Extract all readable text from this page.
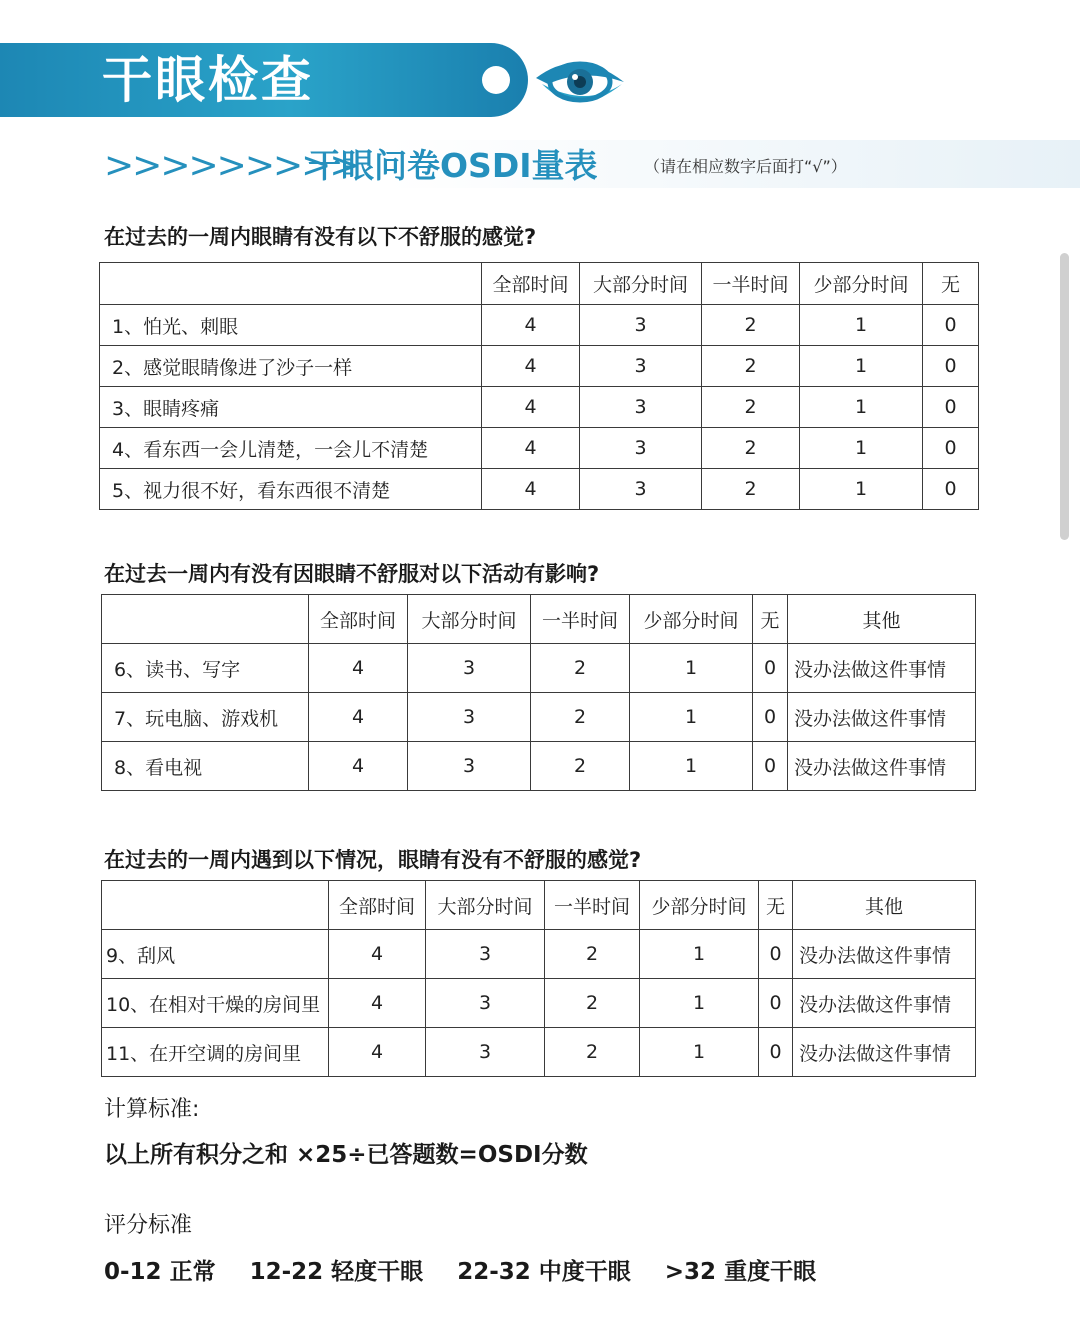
干眼检查
>>>>>>>>>
干眼问卷OSDI量表	（请在相应数字后面打“√”）
在过去的一周内眼睛有没有以下不舒服的感觉?
	全部时间	大部分时间	一半时间	少部分时间	无
1、怕光、刺眼	4	3	2	1	0
2、感觉眼睛像进了沙子一样	4	3	2	1	0
3、眼睛疼痛	4	3	2	1	0
4、看东西一会儿清楚，一会儿不清楚	4	3	2	1	0
5、视力很不好，看东西很不清楚	4	3	2	1	0
在过去一周内有没有因眼睛不舒服对以下活动有影响?
	全部时间	大部分时间	一半时间	少部分时间	无	其他
6、读书、写字	4	3	2	1	0	没办法做这件事情
7、玩电脑、游戏机	4	3	2	1	0	没办法做这件事情
8、看电视	4	3	2	1	0	没办法做这件事情
在过去的一周内遇到以下情况，眼睛有没有不舒服的感觉?
	全部时间	大部分时间	一半时间	少部分时间	无	其他
9、刮风	4	3	2	1	0	没办法做这件事情
10、在相对干燥的房间里	4	3	2	1	0	没办法做这件事情
11、在开空调的房间里	4	3	2	1	0	没办法做这件事情
计算标准:
以上所有积分之和 ×25÷已答题数=OSDI分数
评分标准
0-12 正常 12-22 轻度干眼 22-32 中度干眼 >32 重度干眼
